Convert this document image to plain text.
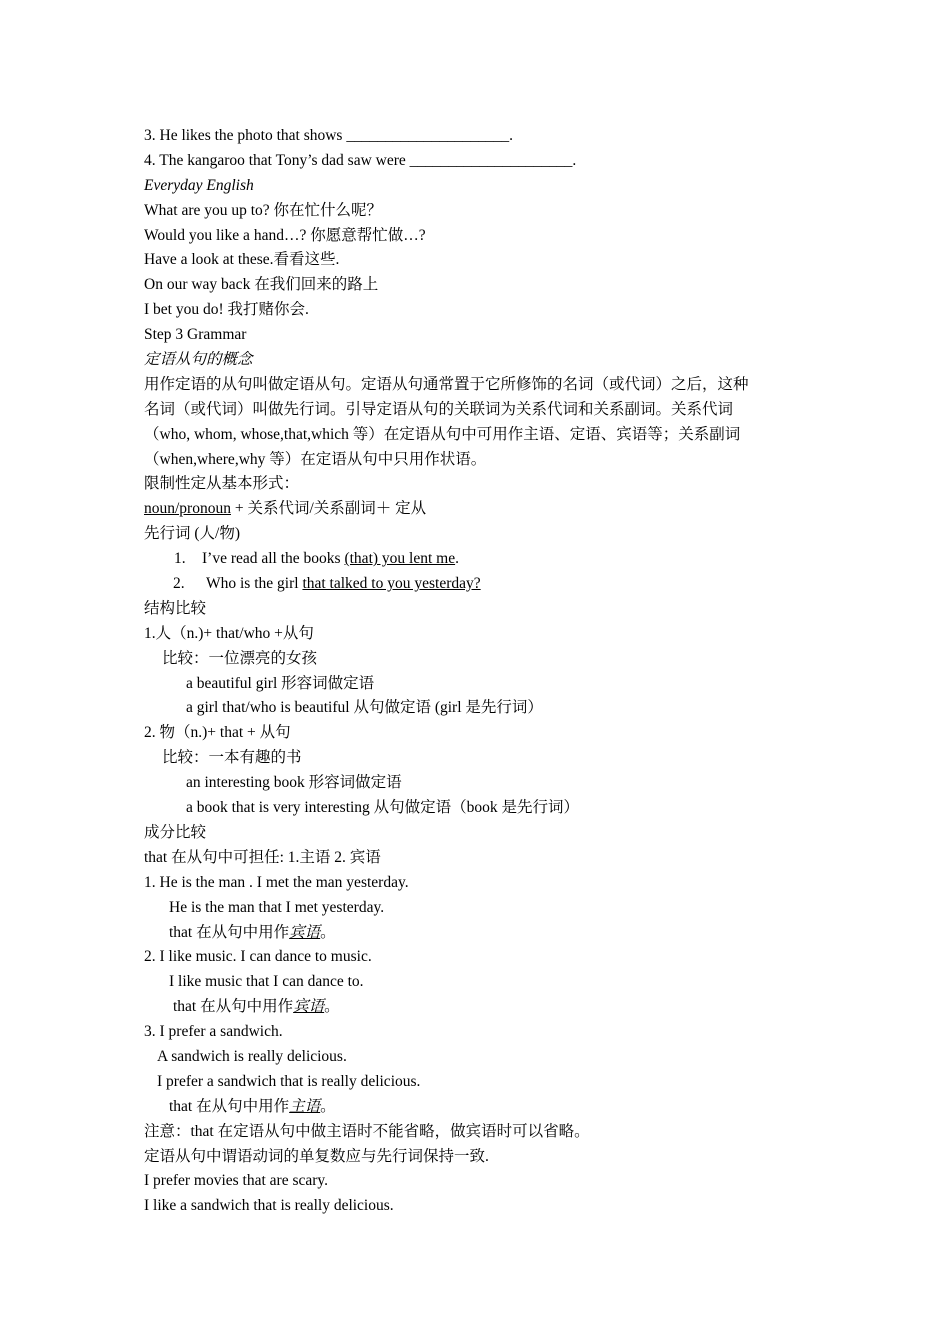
3. He likes the photo that shows _____________________.
4. The kangaroo that Tony’s dad saw were _____________________.
Everyday English
What are you up to? 你在忙什么呢？
Would you like a hand…? 你愿意帮忙做…?
Have a look at these.看看这些.
On our way back 在我们回来的路上
I bet you do! 我打赌你会.
Step 3 Grammar
定语从句的概念
用作定语的从句叫做定语从句。定语从句通常置于它所修饰的名词（或代词）之后，这种
名词（或代词）叫做先行词。引导定语从句的关联词为关系代词和关系副词。关系代词
（who, whom, whose,that,which 等）在定语从句中可用作主语、定语、宾语等；关系副词
（when,where,why 等）在定语从句中只用作状语。
限制性定从基本形式：
noun/pronoun + 关系代词/关系副词＋ 定从
先行词 (人/物)
1. I’ve read all the books (that) you lent me.
2. Who is the girl that talked to you yesterday?
结构比较
1.人（n.)+ that/who +从句
比较：一位漂亮的女孩
a beautiful girl 形容词做定语
a girl that/who is beautiful 从句做定语 (girl 是先行词）
2. 物（n.)+ that + 从句
比较：一本有趣的书
an interesting book 形容词做定语
a book that is very interesting 从句做定语（book 是先行词）
成分比较
that 在从句中可担任: 1.主语 2. 宾语
1. He is the man . I met the man yesterday.
He is the man that I met yesterday.
that 在从句中用作宾语。
2. I like music. I can dance to music.
I like music that I can dance to.
that 在从句中用作宾语。
3. I prefer a sandwich.
A sandwich is really delicious.
I prefer a sandwich that is really delicious.
that 在从句中用作主语。
注意：that 在定语从句中做主语时不能省略，做宾语时可以省略。
定语从句中谓语动词的单复数应与先行词保持一致.
I prefer movies that are scary.
I like a sandwich that is really delicious.
